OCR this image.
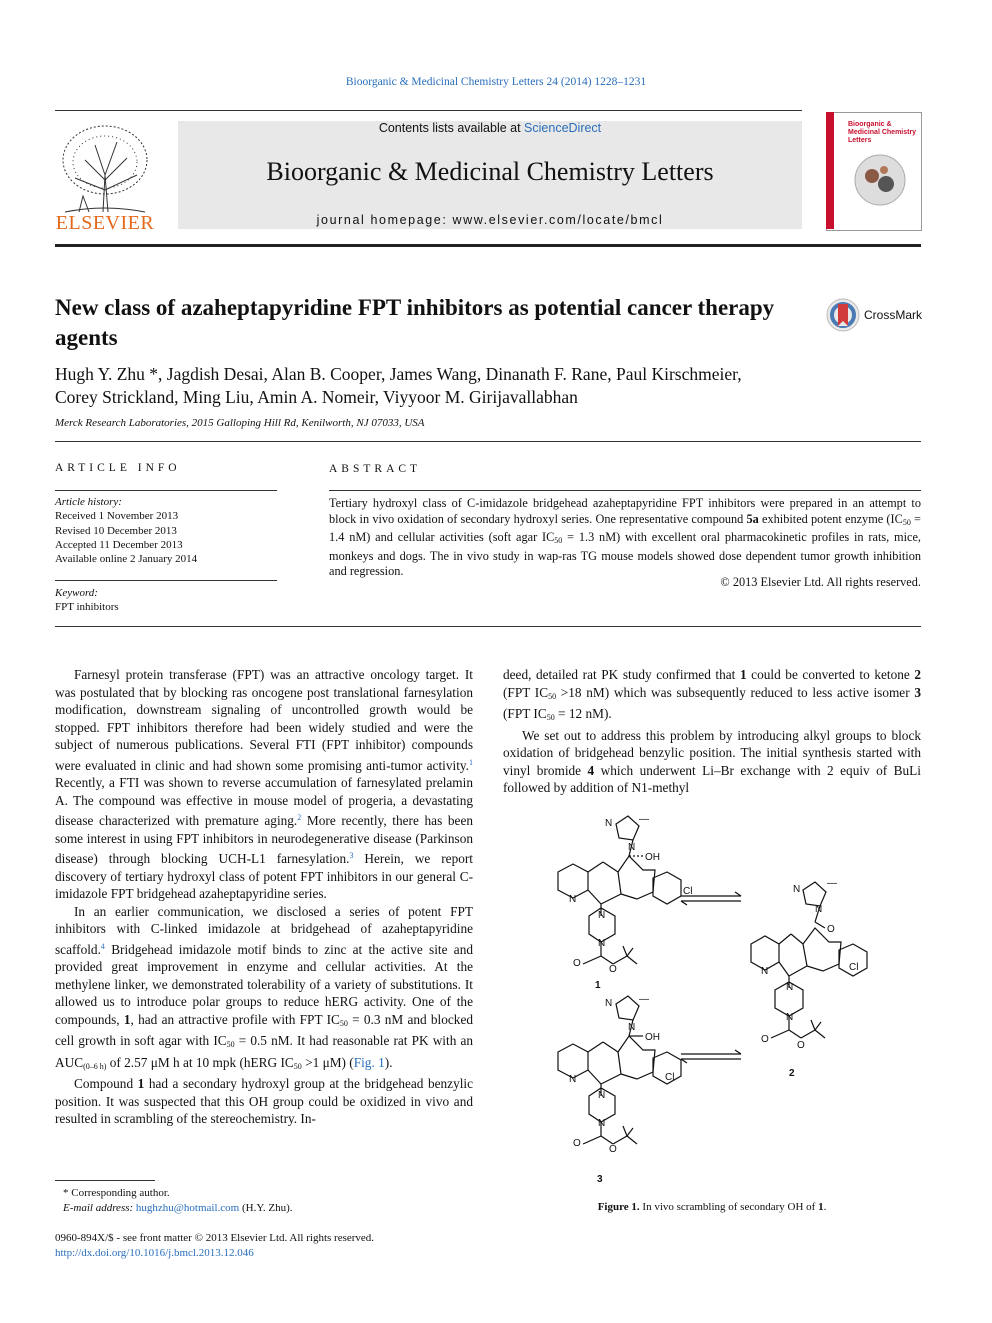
Bioorganic & Medicinal Chemistry Letters 24 (2014) 1228–1231
ELSEVIER
Contents lists available at ScienceDirect
Bioorganic & Medicinal Chemistry Letters
journal homepage: www.elsevier.com/locate/bmcl
Bioorganic & Medicinal Chemistry Letters
New class of azaheptapyridine FPT inhibitors as potential cancer therapy agents
CrossMark
Hugh Y. Zhu *, Jagdish Desai, Alan B. Cooper, James Wang, Dinanath F. Rane, Paul Kirschmeier,
Corey Strickland, Ming Liu, Amin A. Nomeir, Viyyoor M. Girijavallabhan
Merck Research Laboratories, 2015 Galloping Hill Rd, Kenilworth, NJ 07033, USA
ARTICLE INFO
Article history:
Received 1 November 2013
Revised 10 December 2013
Accepted 11 December 2013
Available online 2 January 2014
Keyword:
FPT inhibitors
ABSTRACT
Tertiary hydroxyl class of C-imidazole bridgehead azaheptapyridine FPT inhibitors were prepared in an attempt to block in vivo oxidation of secondary hydroxyl series. One representative compound 5a exhibited potent enzyme ($IC_{50} = 1.4$ nM) and cellular activities (soft agar $IC_{50} = 1.3$ nM) with excellent oral pharmacokinetic profiles in rats, mice, monkeys and dogs. The in vivo study in wap-ras TG mouse models showed dose dependent tumor growth inhibition and regression.
© 2013 Elsevier Ltd. All rights reserved.

Farnesyl protein transferase (FPT) was an attractive oncology target. It was postulated that by blocking ras oncogene post translational farnesylation modification, downstream signaling of uncontrolled growth would be stopped. FPT inhibitors therefore had been widely studied and were the subject of numerous publications. Several FTI (FPT inhibitor) compounds were evaluated in clinic and had shown some promising anti-tumor activity.$^1$ Recently, a FTI was shown to reverse accumulation of farnesylated prelamin A. The compound was effective in mouse model of progeria, a devastating disease characterized with premature aging.$^2$ More recently, there has been some interest in using FPT inhibitors in neurodegenerative disease (Parkinson disease) through blocking UCH-L1 farnesylation.$^3$ Herein, we report discovery of tertiary hydroxyl class of potent FPT inhibitors in our general C-imidazole FPT bridgehead azaheptapyridine series.

In an earlier communication, we disclosed a series of potent FPT inhibitors with C-linked imidazole at bridgehead of azaheptapyridine scaffold.$^4$ Bridgehead imidazole motif binds to zinc at the active site and provided great improvement in enzyme and cellular activities. At the methylene linker, we demonstrated tolerability of a variety of substitutions. It allowed us to introduce polar groups to reduce hERG activity. One of the compounds, 1, had an attractive profile with FPT $IC_{50} = 0.3$ nM and blocked cell growth in soft agar with $IC_{50} = 0.5$ nM. It had reasonable rat PK with an $AUC_{(0-6 h)}$ of 2.57 μM h at 10 mpk (hERG $IC_{50} >1$ μM) (Fig. 1).

Compound 1 had a secondary hydroxyl group at the bridgehead benzylic position. It was suspected that this OH group could be oxidized in vivo and resulted in scrambling of the stereochemistry. In-

deed, detailed rat PK study confirmed that 1 could be converted to ketone 2 (FPT $IC_{50} >18$ nM) which was subsequently reduced to less active isomer 3 (FPT $IC_{50} = 12$ nM).

We set out to address this problem by introducing alkyl groups to block oxidation of bridgehead benzylic position. The initial synthesis started with vinyl bromide 4 which underwent Li–Br exchange with 2 equiv of BuLi followed by addition of N1-methyl

N
N
—
OH
Cl
N
N
N
O
O
N
N
—
O
Cl
N
N
N
O
O
N
N
—
OH
Cl
N
N
N
O
O
1
2
3
Figure 1. In vivo scrambling of secondary OH of 1.
* Corresponding author.
E-mail address: hughzhu@hotmail.com (H.Y. Zhu).
0960-894X/$ - see front matter © 2013 Elsevier Ltd. All rights reserved.
http://dx.doi.org/10.1016/j.bmcl.2013.12.046
